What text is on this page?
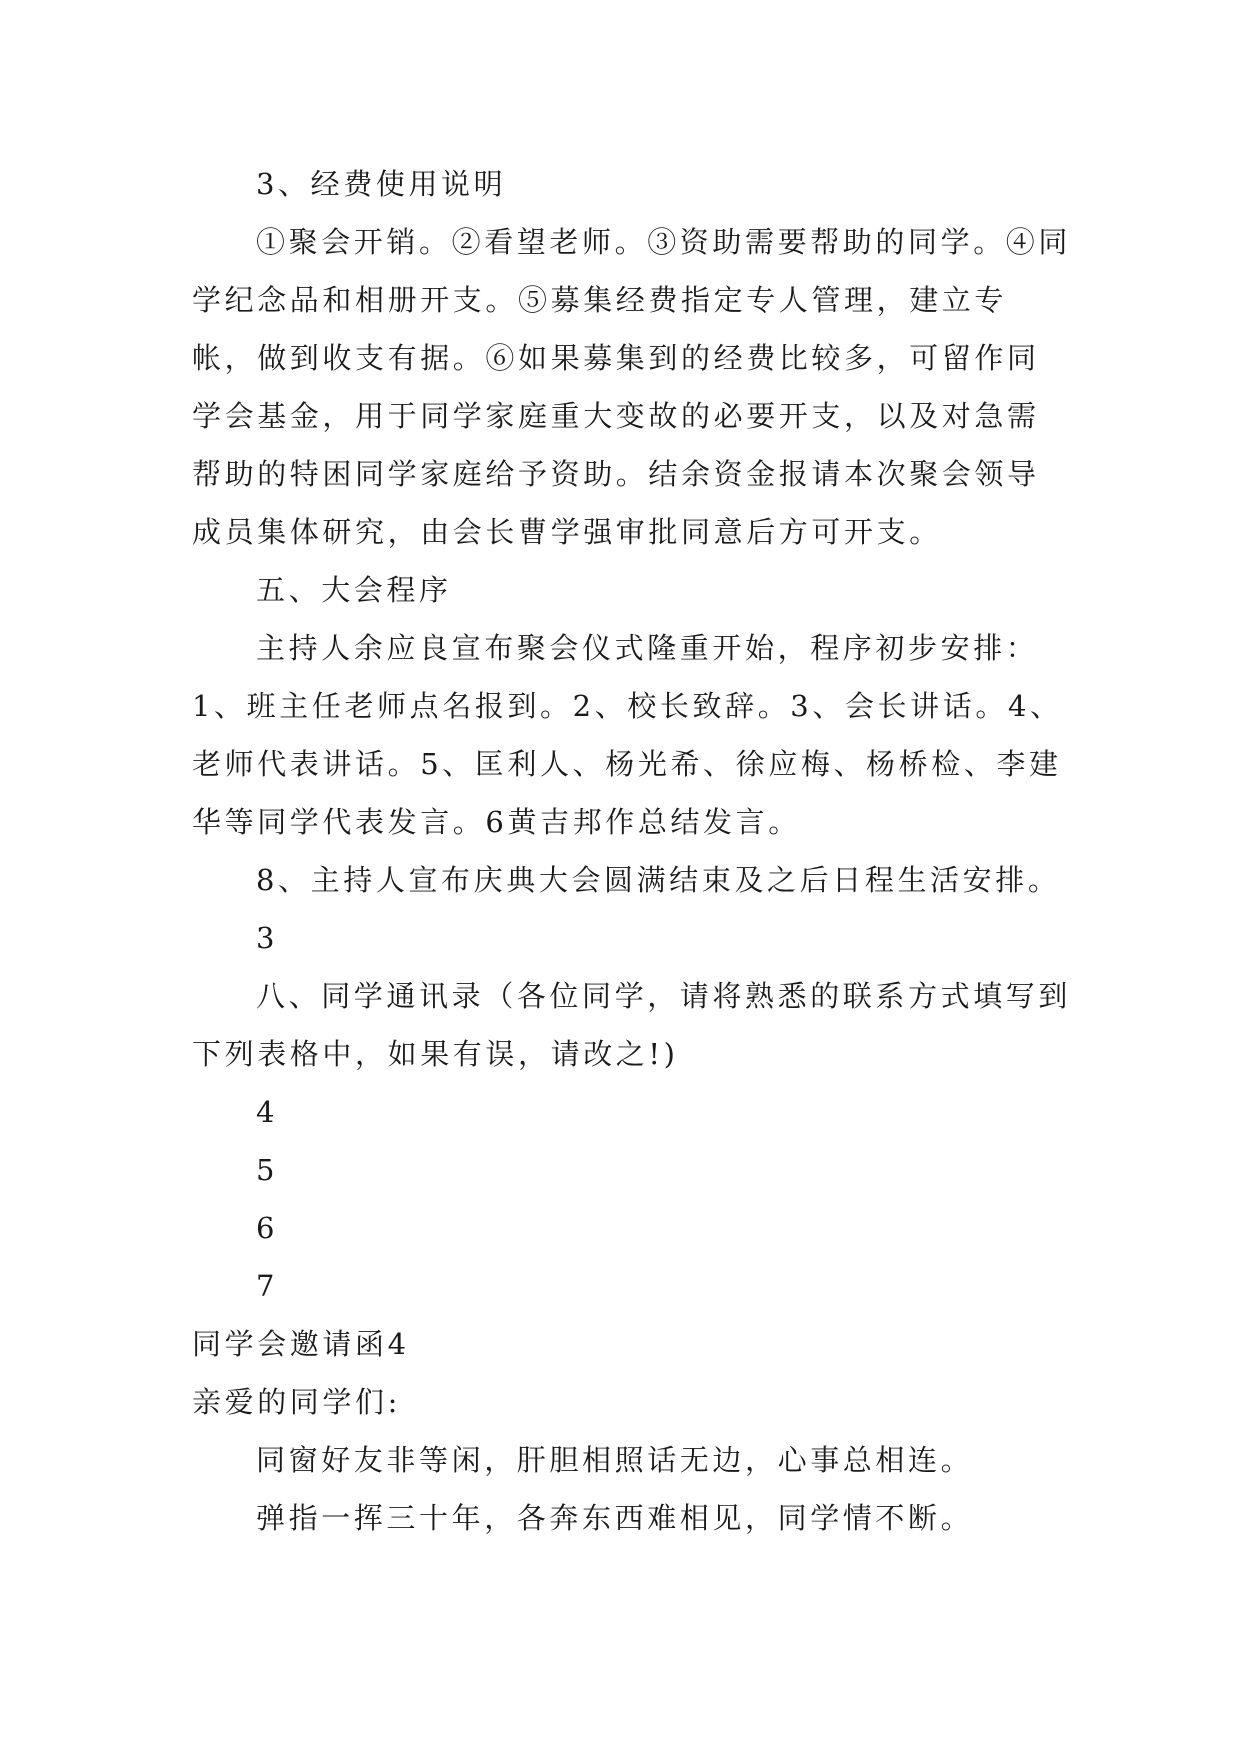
3、经费使用说明

①聚会开销。②看望老师。③资助需要帮助的同学。④同学纪念品和相册开支。⑤募集经费指定专人管理，建立专帐，做到收支有据。⑥如果募集到的经费比较多，可留作同学会基金，用于同学家庭重大变故的必要开支，以及对急需帮助的特困同学家庭给予资助。结余资金报请本次聚会领导成员集体研究，由会长曹学强审批同意后方可开支。

五、大会程序

主持人余应良宣布聚会仪式隆重开始，程序初步安排：1、班主任老师点名报到。2、校长致辞。3、会长讲话。4、老师代表讲话。5、匡利人、杨光希、徐应梅、杨桥检、李建华等同学代表发言。6黄吉邦作总结发言。

8、主持人宣布庆典大会圆满结束及之后日程生活安排。

3

八、同学通讯录（各位同学，请将熟悉的联系方式填写到下列表格中，如果有误，请改之!)

4

5

6

7

同学会邀请函4

亲爱的同学们:

同窗好友非等闲，肝胆相照话无边，心事总相连。

弹指一挥三十年，各奔东西难相见，同学情不断。
